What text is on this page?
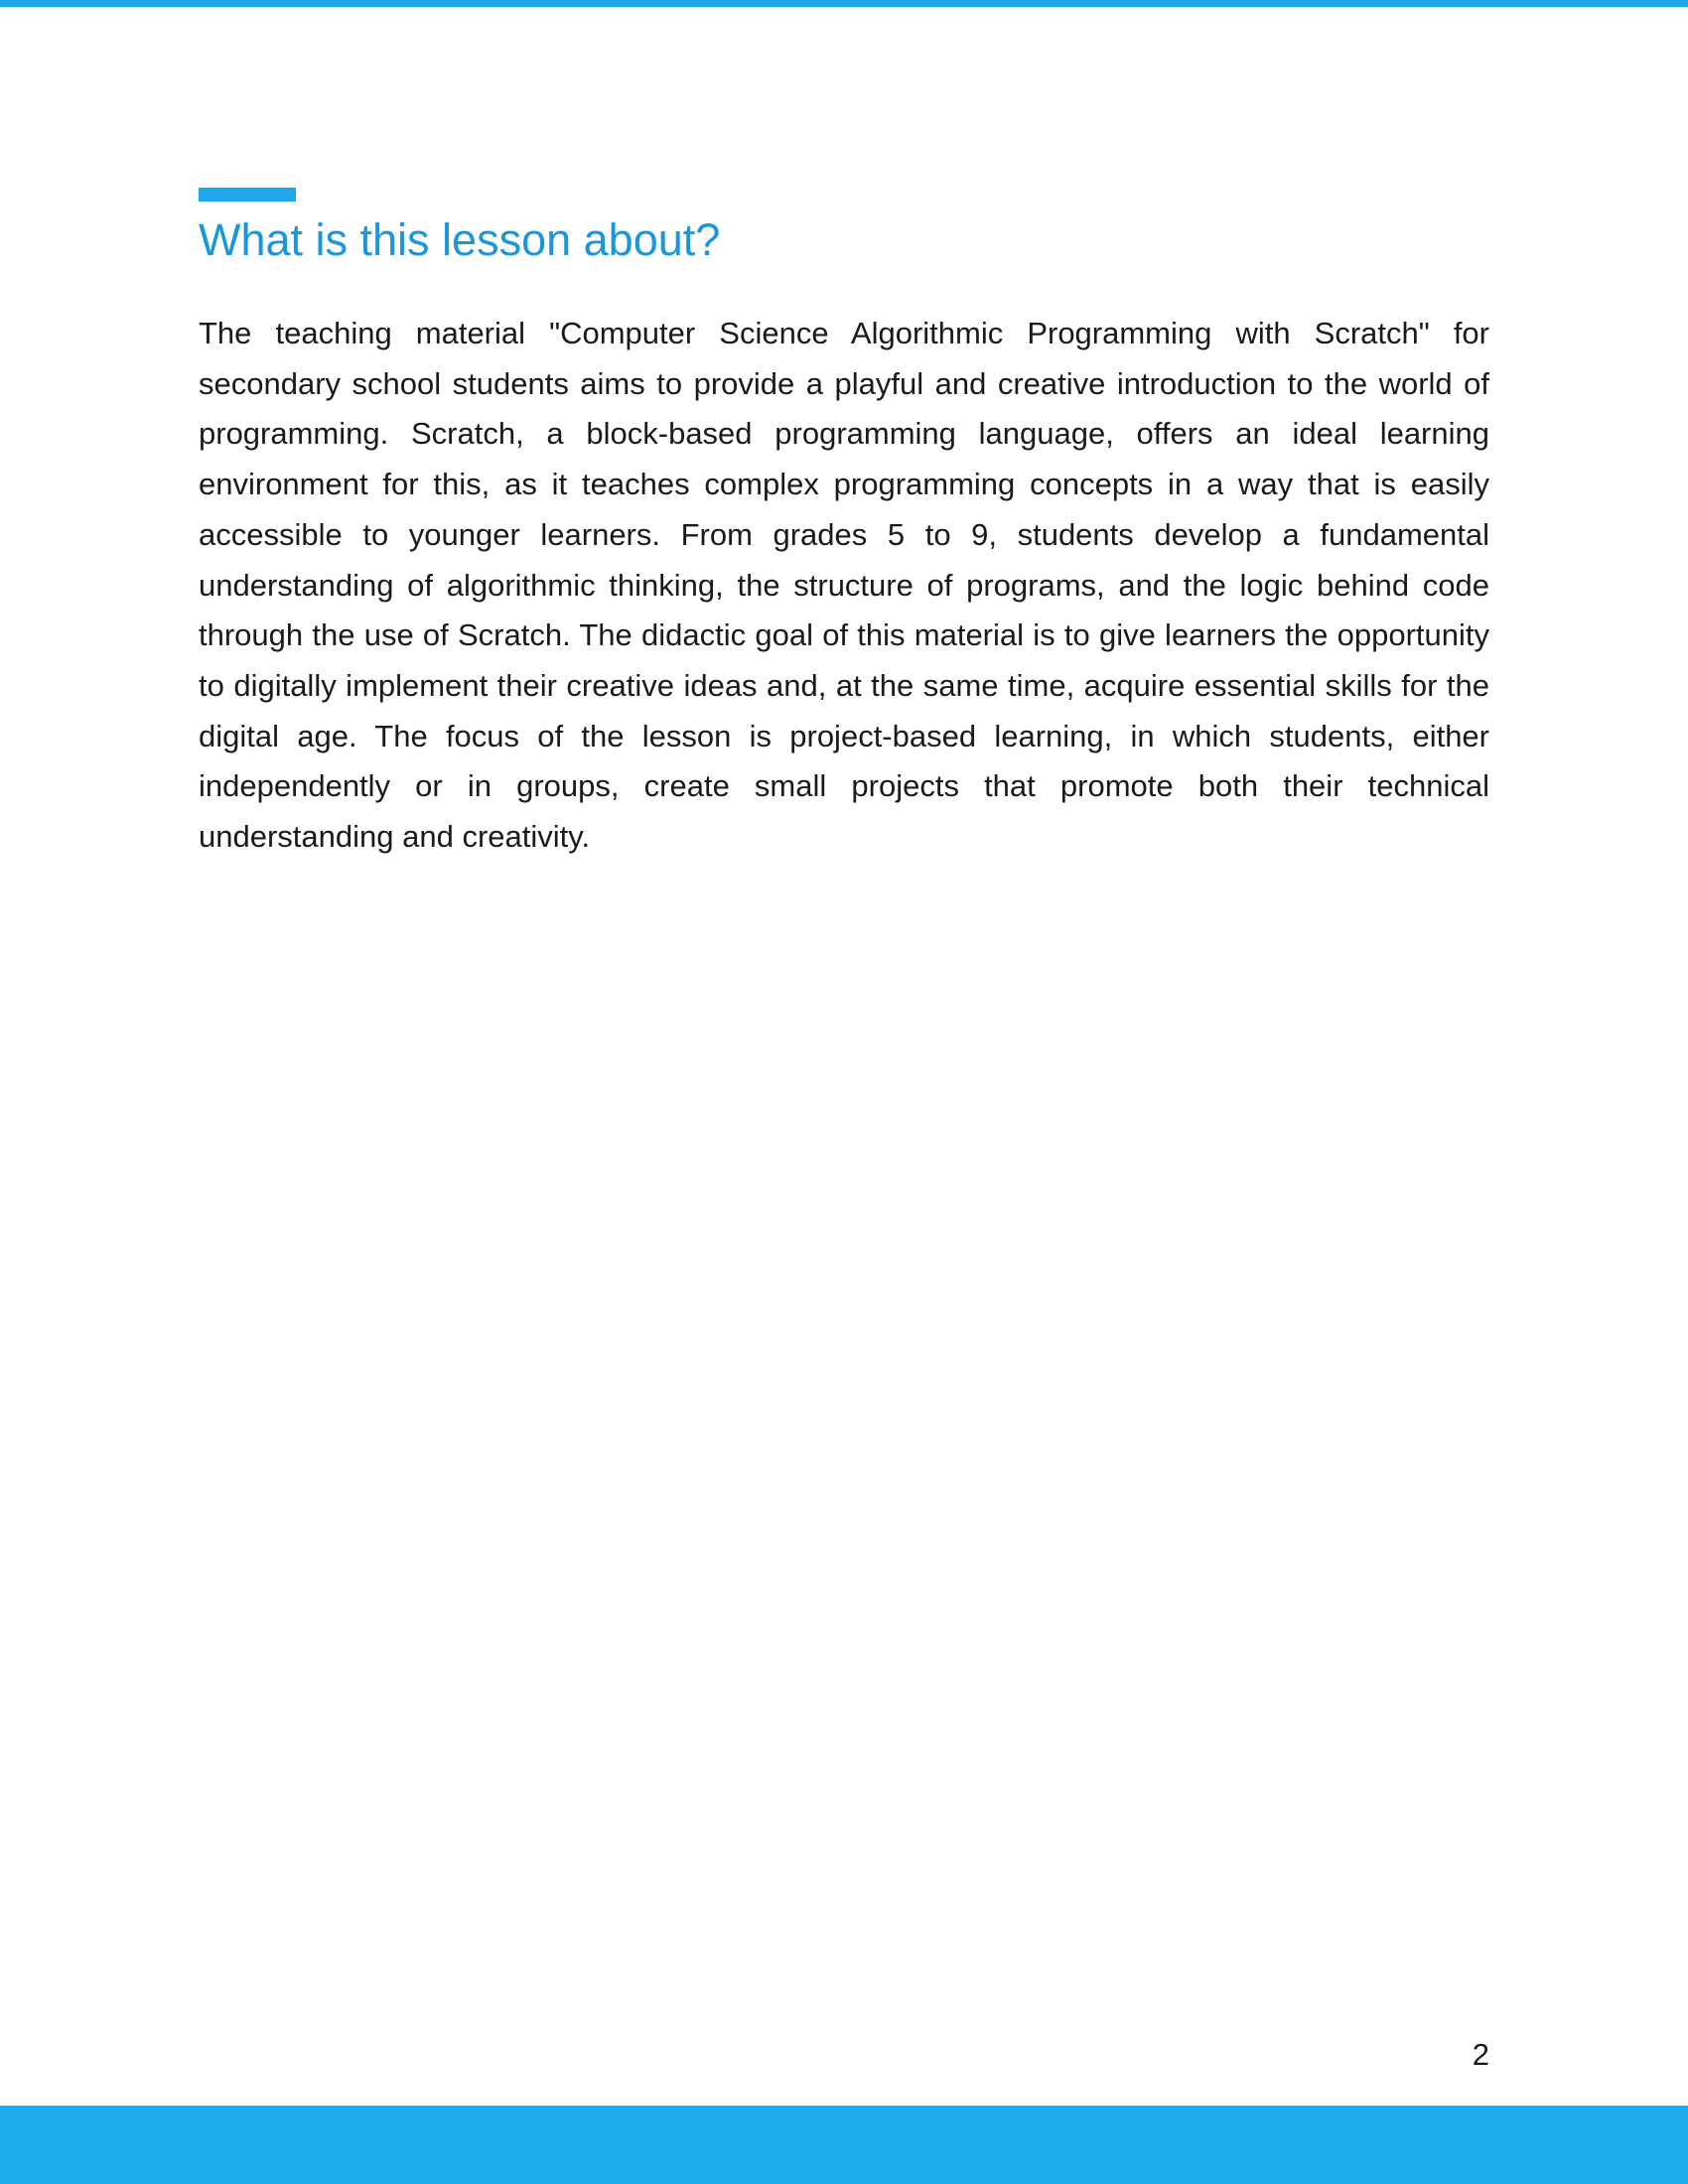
What is this lesson about?

The teaching material "Computer Science Algorithmic Programming with Scratch" for secondary school students aims to provide a playful and creative introduction to the world of programming. Scratch, a block-based programming language, offers an ideal learning environment for this, as it teaches complex programming concepts in a way that is easily accessible to younger learners. From grades 5 to 9, students develop a fundamental understanding of algorithmic thinking, the structure of programs, and the logic behind code through the use of Scratch. The didactic goal of this material is to give learners the opportunity to digitally implement their creative ideas and, at the same time, acquire essential skills for the digital age. The focus of the lesson is project-based learning, in which students, either independently or in groups, create small projects that promote both their technical understanding and creativity.

2
